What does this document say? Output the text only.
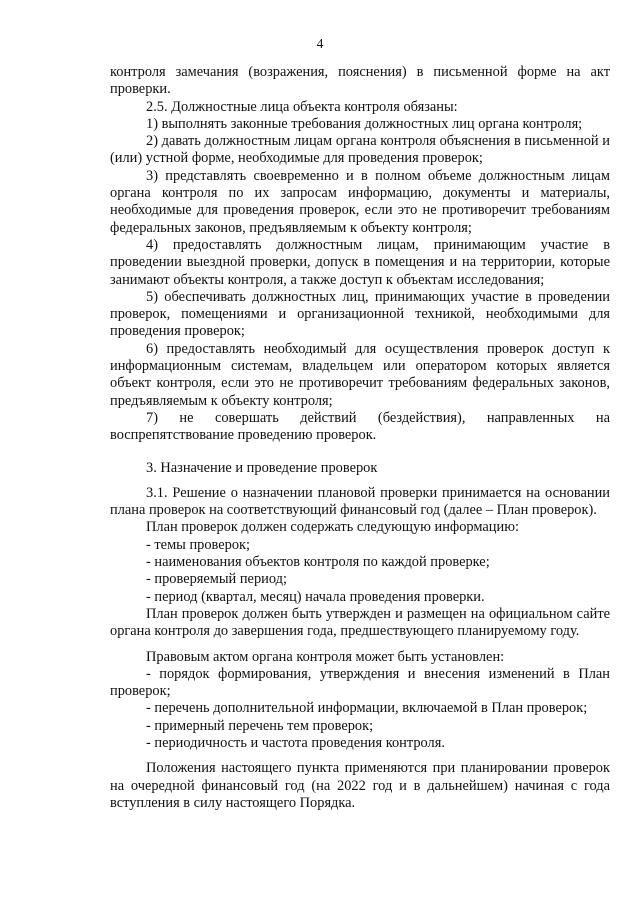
4

контроля замечания (возражения, пояснения) в письменной форме на акт проверки.

2.5. Должностные лица объекта контроля обязаны:

1) выполнять законные требования должностных лиц органа контроля;

2) давать должностным лицам органа контроля объяснения в письменной и (или) устной форме, необходимые для проведения проверок;

3) представлять своевременно и в полном объеме должностным лицам органа контроля по их запросам информацию, документы и материалы, необходимые для проведения проверок, если это не противоречит требованиям федеральных законов, предъявляемым к объекту контроля;

4) предоставлять должностным лицам, принимающим участие в проведении выездной проверки, допуск в помещения и на территории, которые занимают объекты контроля, а также доступ к объектам исследования;

5) обеспечивать должностных лиц, принимающих участие в проведении проверок, помещениями и организационной техникой, необходимыми для проведения проверок;

6) предоставлять необходимый для осуществления проверок доступ к информационным системам, владельцем или оператором которых является объект контроля, если это не противоречит требованиям федеральных законов, предъявляемым к объекту контроля;

7) не совершать действий (бездействия), направленных на воспрепятствование проведению проверок.

3. Назначение и проведение проверок

3.1. Решение о назначении плановой проверки принимается на основании плана проверок на соответствующий финансовый год (далее – План проверок).

План проверок должен содержать следующую информацию:

- темы проверок;

- наименования объектов контроля по каждой проверке;

- проверяемый период;

- период (квартал, месяц) начала проведения проверки.

План проверок должен быть утвержден и размещен на официальном сайте органа контроля до завершения года, предшествующего планируемому году.

Правовым актом органа контроля может быть установлен:

- порядок формирования, утверждения и внесения изменений в План проверок;

- перечень дополнительной информации, включаемой в План проверок;

- примерный перечень тем проверок;

- периодичность и частота проведения контроля.

Положения настоящего пункта применяются при планировании проверок на очередной финансовый год (на 2022 год и в дальнейшем) начиная с года вступления в силу настоящего Порядка.
